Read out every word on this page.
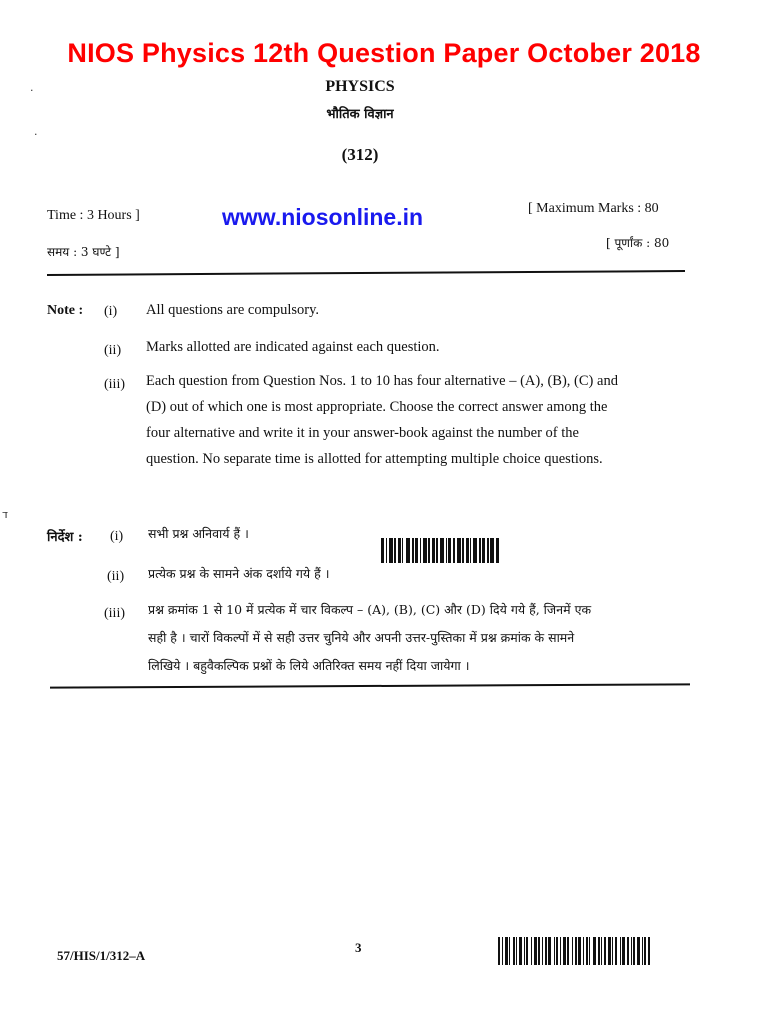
NIOS Physics 12th Question Paper October 2018
·
·
ד
PHYSICS
भौतिक विज्ञान
(312)
Time : 3 Hours ]
समय : 3 घण्टे ]
[ Maximum Marks : 80
[ पूर्णांक : 80
www.niosonline.in
Note : (i) All questions are compulsory.
(ii) Marks allotted are indicated against each question.
(iii) Each question from Question Nos. 1 to 10 has four alternative – (A), (B), (C) and
(D) out of which one is most appropriate. Choose the correct answer among the
four alternative and write it in your answer-book against the number of the
question. No separate time is allotted for attempting multiple choice questions.
निर्देश : (i) सभी प्रश्न अनिवार्य हैं ।
(ii) प्रत्येक प्रश्न के सामने अंक दर्शाये गये हैं ।
(iii) प्रश्न क्रमांक 1 से 10 में प्रत्येक में चार विकल्प – (A), (B), (C) और (D) दिये गये हैं, जिनमें एक
सही है । चारों विकल्पों में से सही उत्तर चुनिये और अपनी उत्तर-पुस्तिका में प्रश्न क्रमांक के सामने
लिखिये । बहुवैकल्पिक प्रश्नों के लिये अतिरिक्त समय नहीं दिया जायेगा ।
3
57/HIS/1/312–A
